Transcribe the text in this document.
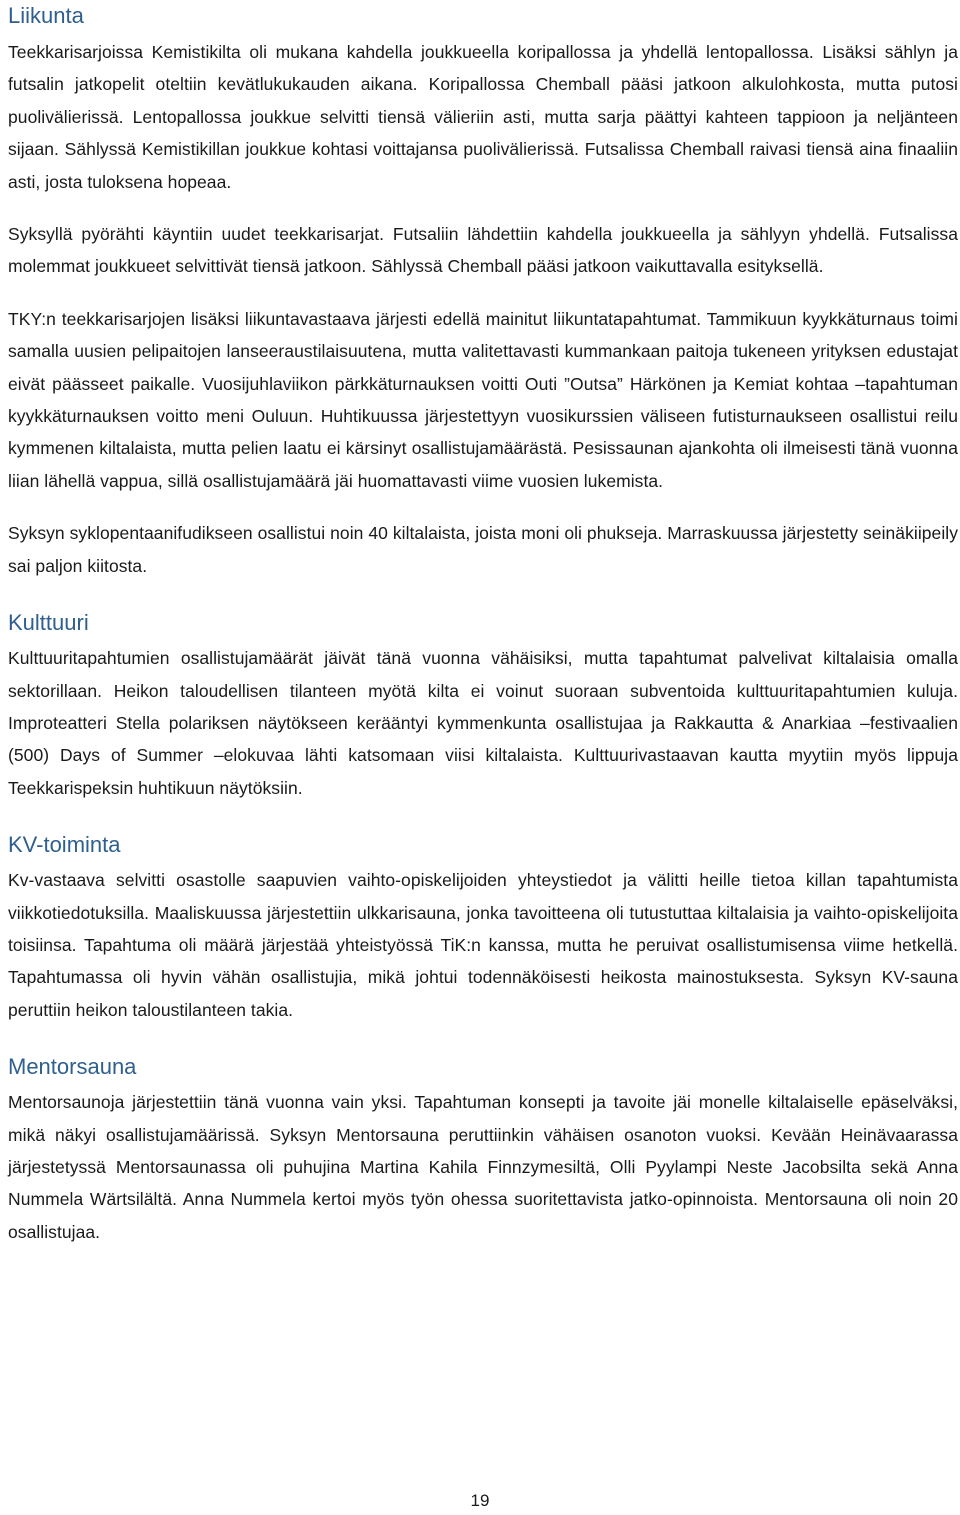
Liikunta

Teekkarisarjoissa Kemistikilta oli mukana kahdella joukkueella koripallossa ja yhdellä lentopallossa. Lisäksi sählyn ja futsalin jatkopelit oteltiin kevätlukukauden aikana. Koripallossa Chemball pääsi jatkoon alkulohkosta, mutta putosi puolivälierissä. Lentopallossa joukkue selvitti tiensä välieriin asti, mutta sarja päättyi kahteen tappioon ja neljänteen sijaan. Sählyssä Kemistikillan joukkue kohtasi voittajansa puolivälierissä. Futsalissa Chemball raivasi tiensä aina finaaliin asti, josta tuloksena hopeaa.

Syksyllä pyörähti käyntiin uudet teekkarisarjat. Futsaliin lähdettiin kahdella joukkueella ja sählyyn yhdellä. Futsalissa molemmat joukkueet selvittivät tiensä jatkoon. Sählyssä Chemball pääsi jatkoon vaikuttavalla esityksellä.

TKY:n teekkarisarjojen lisäksi liikuntavastaava järjesti edellä mainitut liikuntatapahtumat. Tammikuun kyykkäturnaus toimi samalla uusien pelipaitojen lanseeraustilaisuutena, mutta valitettavasti kummankaan paitoja tukeneen yrityksen edustajat eivät päässeet paikalle. Vuosijuhlaviikon pärkkäturnauksen voitti Outi ”Outsa” Härkönen ja Kemiat kohtaa –tapahtuman kyykkäturnauksen voitto meni Ouluun. Huhtikuussa järjestettyyn vuosikurssien väliseen futisturnaukseen osallistui reilu kymmenen kiltalaista, mutta pelien laatu ei kärsinyt osallistujamäärästä. Pesissaunan ajankohta oli ilmeisesti tänä vuonna liian lähellä vappua, sillä osallistujamäärä jäi huomattavasti viime vuosien lukemista.

Syksyn syklopentaanifudikseen osallistui noin 40 kiltalaista, joista moni oli phukseja. Marraskuussa järjestetty seinäkiipeily sai paljon kiitosta.

Kulttuuri

Kulttuuritapahtumien osallistujamäärät jäivät tänä vuonna vähäisiksi, mutta tapahtumat palvelivat kiltalaisia omalla sektorillaan. Heikon taloudellisen tilanteen myötä kilta ei voinut suoraan subventoida kulttuuritapahtumien kuluja. Improteatteri Stella polariksen näytökseen kerääntyi kymmenkunta osallistujaa ja Rakkautta & Anarkiaa –festivaalien (500) Days of Summer –elokuvaa lähti katsomaan viisi kiltalaista. Kulttuurivastaavan kautta myytiin myös lippuja Teekkarispeksin huhtikuun näytöksiin.

KV-toiminta

Kv-vastaava selvitti osastolle saapuvien vaihto-opiskelijoiden yhteystiedot ja välitti heille tietoa killan tapahtumista viikkotiedotuksilla. Maaliskuussa järjestettiin ulkkarisauna, jonka tavoitteena oli tutustuttaa kiltalaisia ja vaihto-opiskelijoita toisiinsa. Tapahtuma oli määrä järjestää yhteistyössä TiK:n kanssa, mutta he peruivat osallistumisensa viime hetkellä. Tapahtumassa oli hyvin vähän osallistujia, mikä johtui todennäköisesti heikosta mainostuksesta. Syksyn KV-sauna peruttiin heikon taloustilanteen takia.

Mentorsauna

Mentorsaunoja järjestettiin tänä vuonna vain yksi. Tapahtuman konsepti ja tavoite jäi monelle kiltalaiselle epäselväksi, mikä näkyi osallistujamäärissä. Syksyn Mentorsauna peruttiinkin vähäisen osanoton vuoksi. Kevään Heinävaarassa järjestetyssä Mentorsaunassa oli puhujina Martina Kahila Finnzymesiltä, Olli Pyylampi Neste Jacobsilta sekä Anna Nummela Wärtsilältä. Anna Nummela kertoi myös työn ohessa suoritettavista jatko-opinnoista. Mentorsauna oli noin 20 osallistujaa.

19
